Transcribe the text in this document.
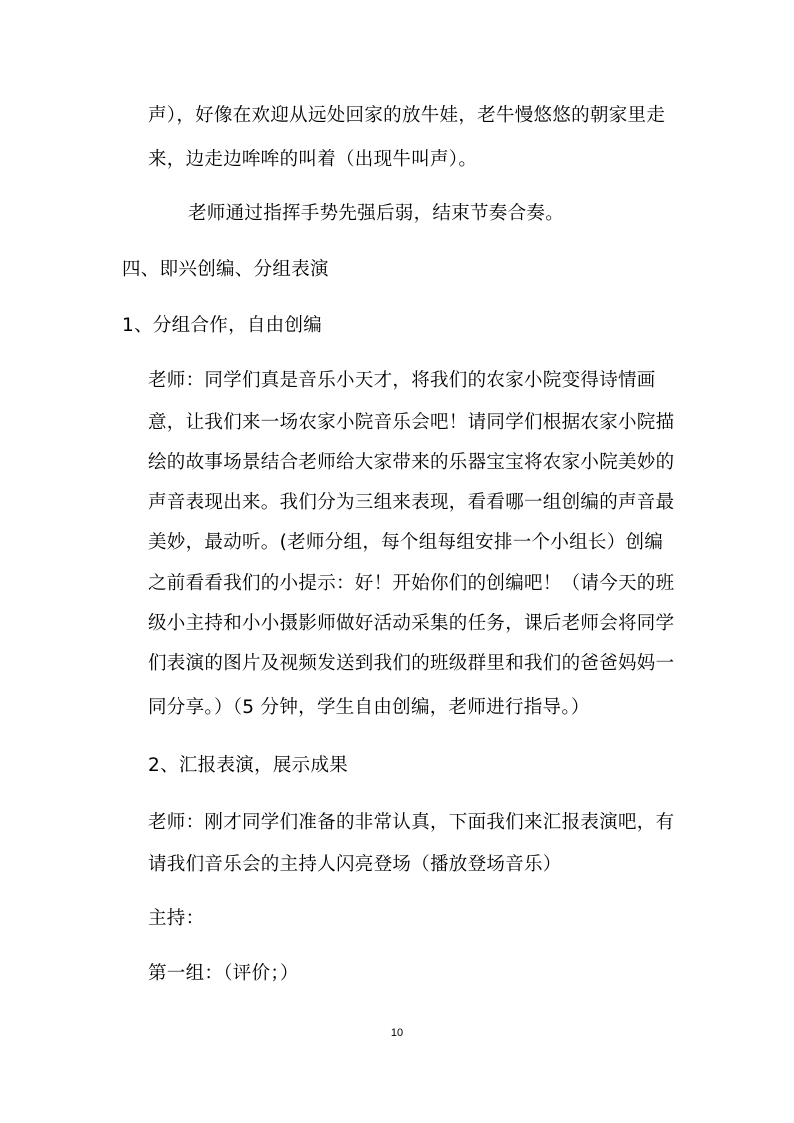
声），好像在欢迎从远处回家的放牛娃，老牛慢悠悠的朝家里走
来，边走边哞哞的叫着（出现牛叫声）。
老师通过指挥手势先强后弱，结束节奏合奏。
四、即兴创编、分组表演
1、分组合作，自由创编
老师：同学们真是音乐小天才，将我们的农家小院变得诗情画
意，让我们来一场农家小院音乐会吧！请同学们根据农家小院描
绘的故事场景结合老师给大家带来的乐器宝宝将农家小院美妙的
声音表现出来。我们分为三组来表现，看看哪一组创编的声音最
美妙，最动听。(老师分组，每个组每组安排一个小组长）创编
之前看看我们的小提示：好！开始你们的创编吧！（请今天的班
级小主持和小小摄影师做好活动采集的任务，课后老师会将同学
们表演的图片及视频发送到我们的班级群里和我们的爸爸妈妈一
同分享。）（5 分钟，学生自由创编，老师进行指导。）
2、汇报表演，展示成果
老师：刚才同学们准备的非常认真，下面我们来汇报表演吧，有
请我们音乐会的主持人闪亮登场（播放登场音乐）
主持：
第一组：（评价；）
10
